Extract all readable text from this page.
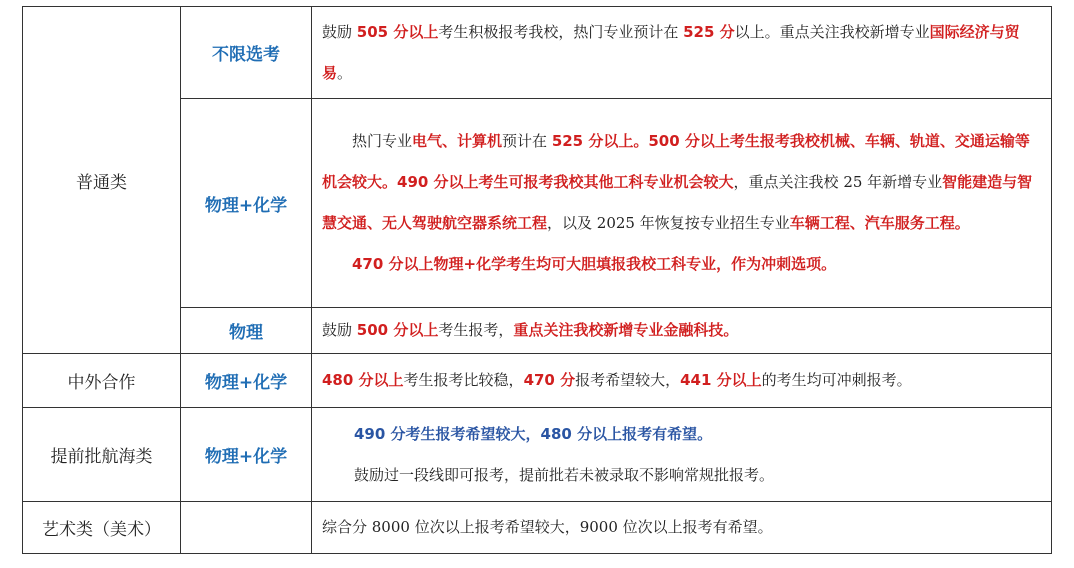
普通类	不限选考	鼓励 505 分以上考生积极报考我校，热门专业预计在 525 分以上。重点关注我校新增专业国际经济与贸易。

	物理+化学	热门专业电气、计算机预计在 525 分以上。500 分以上考生报考我校机械、车辆、轨道、交通运输等机会较大。490 分以上考生可报考我校其他工科专业机会较大，重点关注我校 25 年新增专业智能建造与智慧交通、无人驾驶航空器系统工程，以及 2025 年恢复按专业招生专业车辆工程、汽车服务工程。

470 分以上物理+化学考生均可大胆填报我校工科专业，作为冲刺选项。

	物理	鼓励 500 分以上考生报考，重点关注我校新增专业金融科技。

中外合作	物理+化学	480 分以上考生报考比较稳，470 分报考希望较大，441 分以上的考生均可冲刺报考。

提前批航海类	物理+化学	490 分考生报考希望较大，480 分以上报考有希望。

鼓励过一段线即可报考，提前批若未被录取不影响常规批报考。

艺术类（美术）		综合分 8000 位次以上报考希望较大，9000 位次以上报考有希望。
